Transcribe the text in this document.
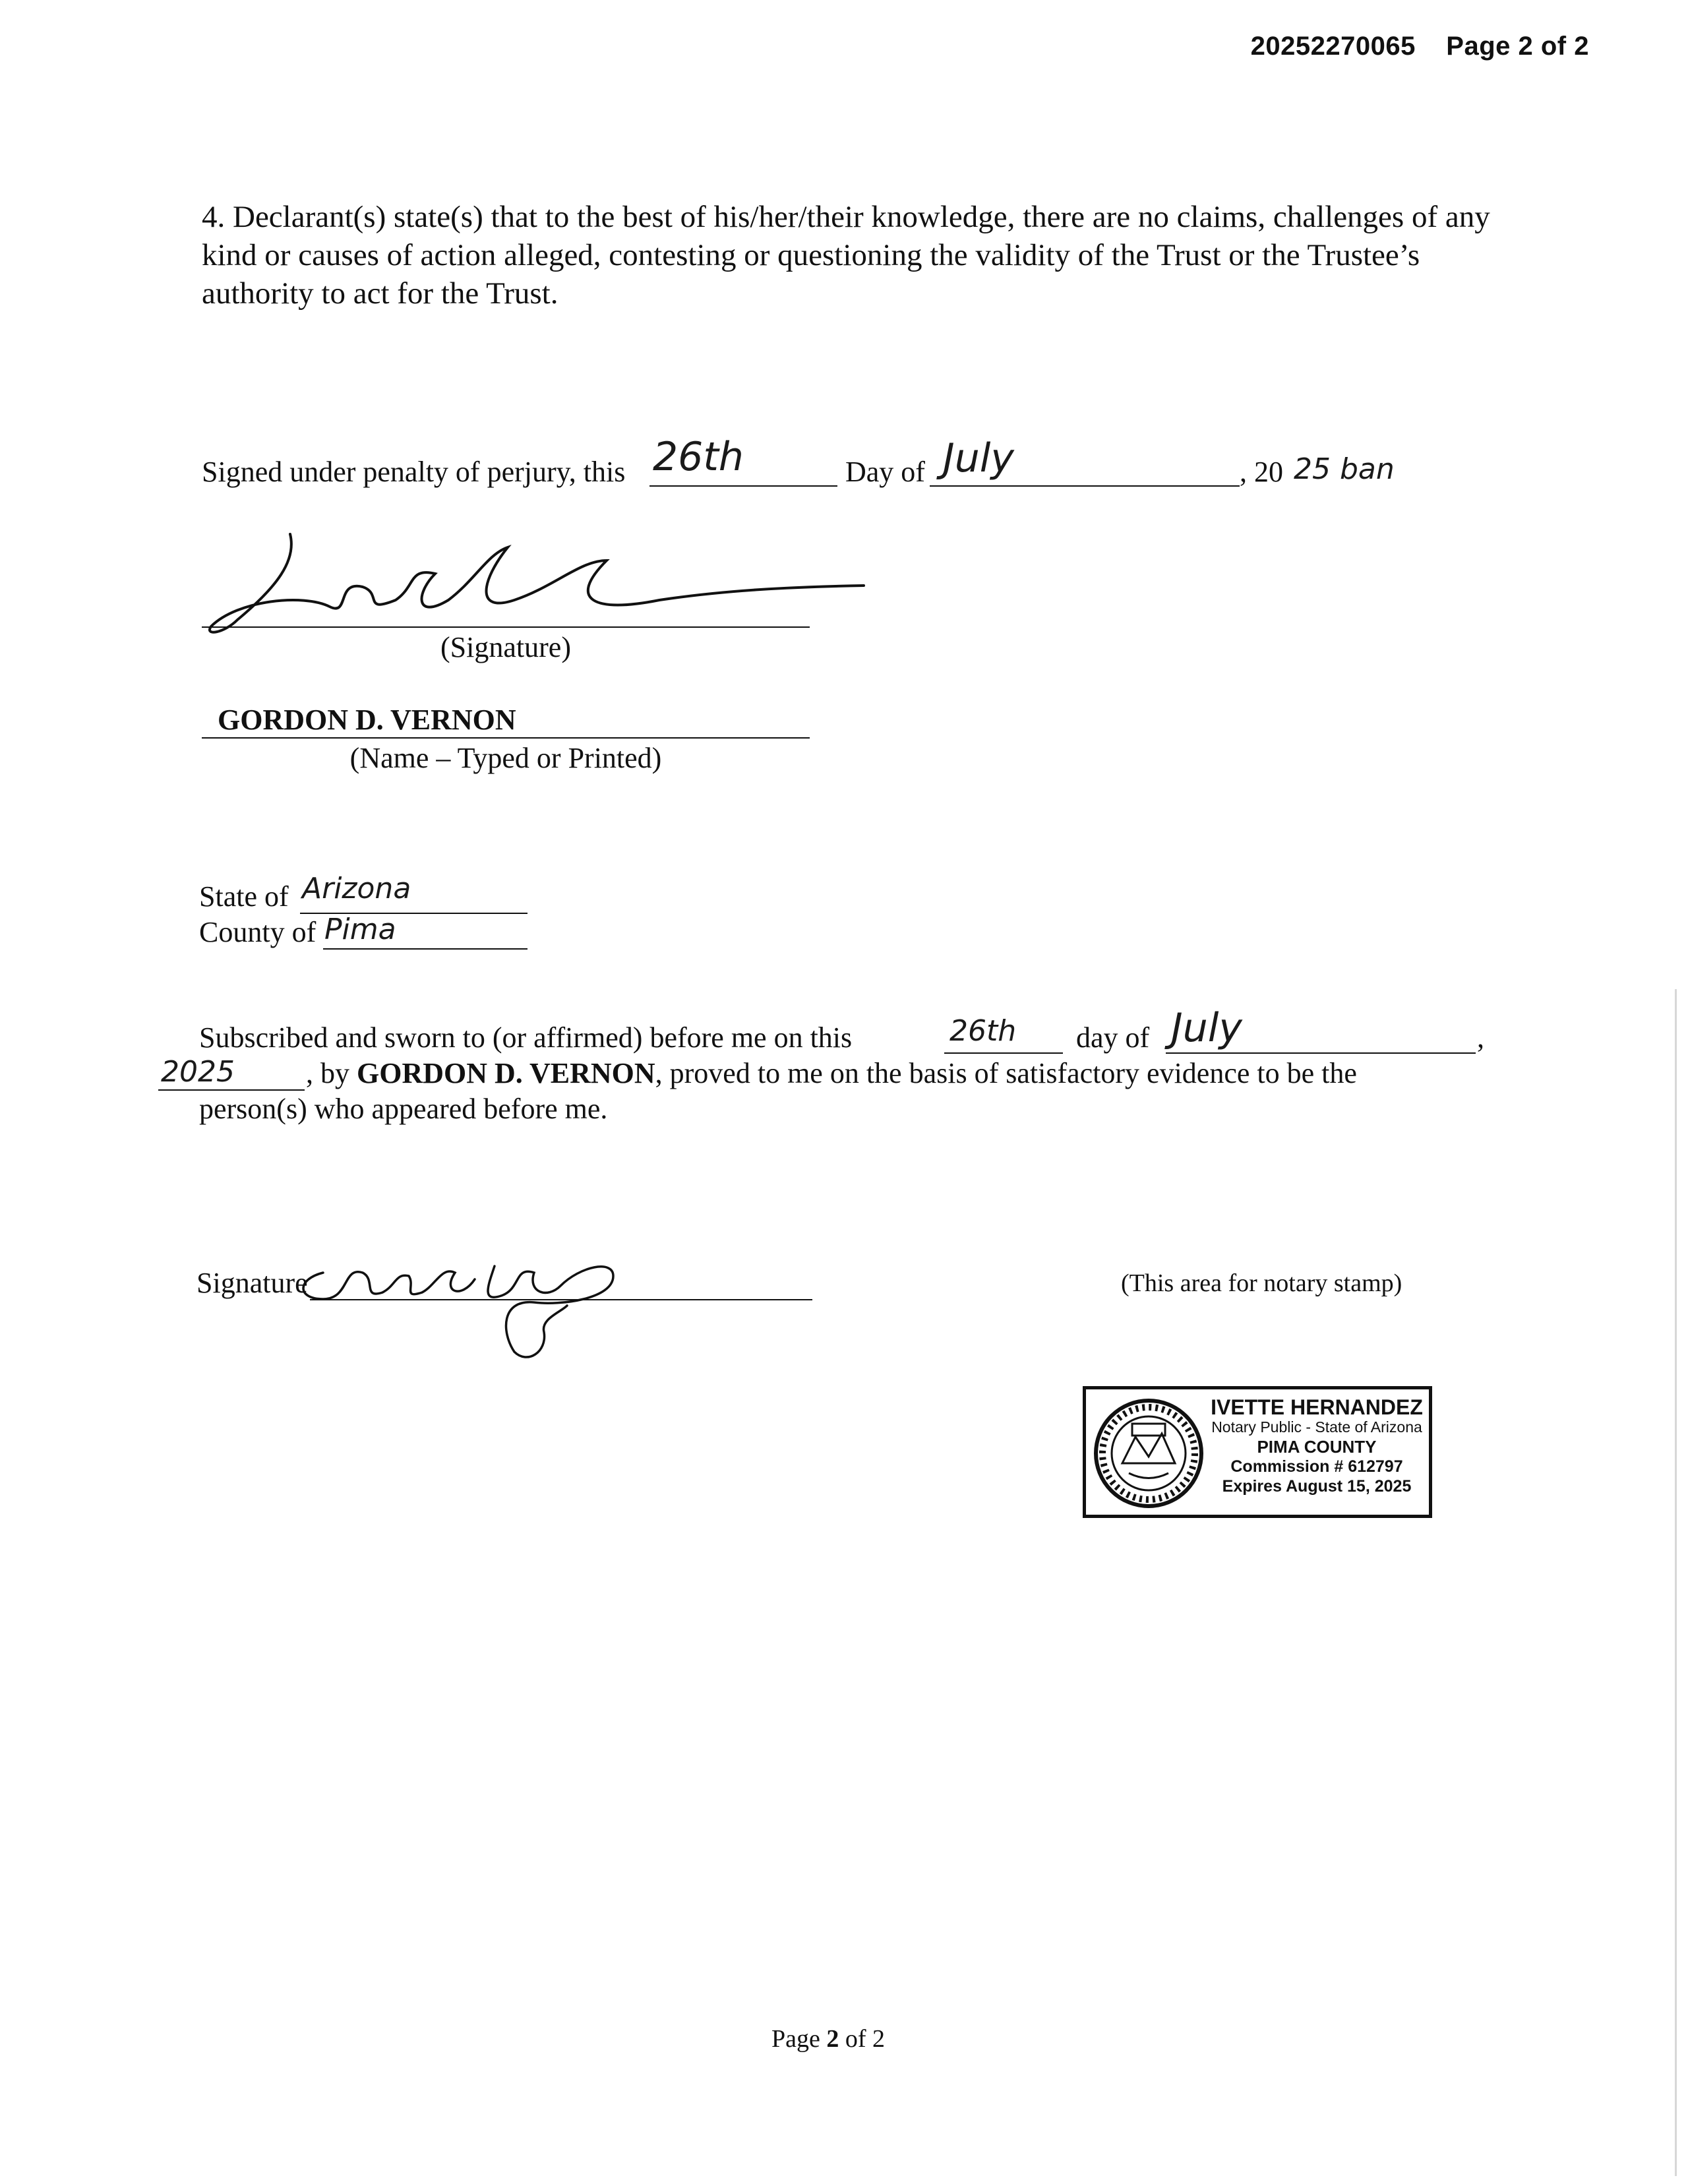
20252270065 Page 2 of 2
4. Declarant(s) state(s) that to the best of his/her/their knowledge, there are no claims, challenges of any kind or causes of action alleged, contesting or questioning the validity of the Trust or the Trustee’s authority to act for the Trust.
Signed under penalty of perjury, this 26th	Day of July	, 20 25 ban
(Signature)
GORDON D. VERNON
(Name – Typed or Printed)
State of Arizona
County of Pima
Subscribed and sworn to (or affirmed) before me on this	26th day of July	,
2025 , by GORDON D. VERNON, proved to me on the basis of satisfactory evidence to be the
person(s) who appeared before me.
Signature	(This area for notary stamp)
IVETTE HERNANDEZ
Notary Public - State of Arizona
PIMA COUNTY
Commission # 612797
Expires August 15, 2025
Page 2 of 2
